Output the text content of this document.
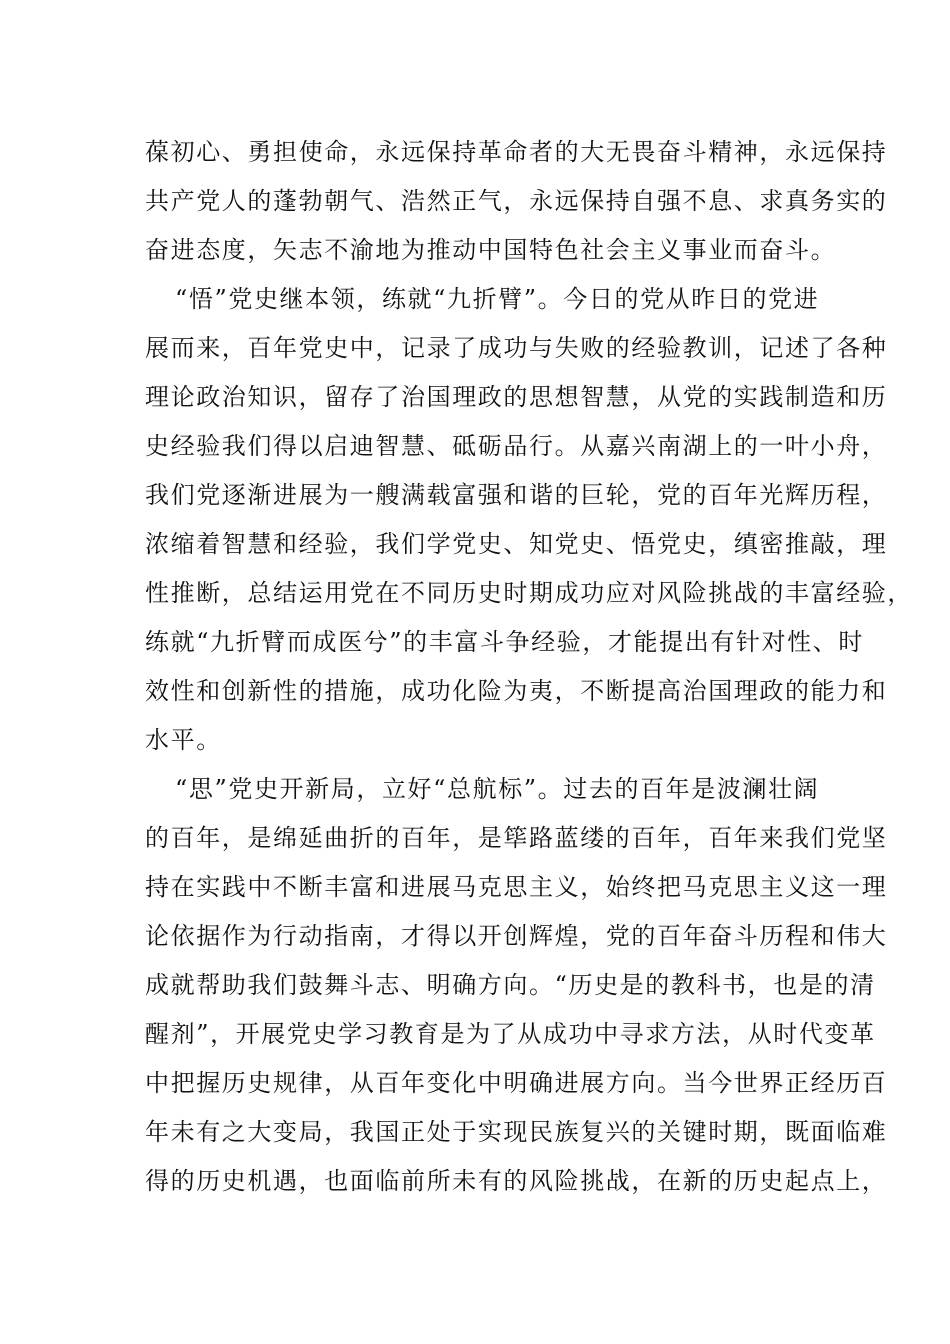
葆初心、勇担使命，永远保持革命者的大无畏奋斗精神，永远保持
共产党人的蓬勃朝气、浩然正气，永远保持自强不息、求真务实的
奋进态度，矢志不渝地为推动中国特色社会主义事业而奋斗。
“悟”党史继本领，练就“九折臂”。今日的党从昨日的党进
展而来，百年党史中，记录了成功与失败的经验教训，记述了各种
理论政治知识，留存了治国理政的思想智慧，从党的实践制造和历
史经验我们得以启迪智慧、砥砺品行。从嘉兴南湖上的一叶小舟，
我们党逐渐进展为一艘满载富强和谐的巨轮，党的百年光辉历程，
浓缩着智慧和经验，我们学党史、知党史、悟党史，缜密推敲，理
性推断，总结运用党在不同历史时期成功应对风险挑战的丰富经验，
练就“九折臂而成医兮”的丰富斗争经验，才能提出有针对性、时
效性和创新性的措施，成功化险为夷，不断提高治国理政的能力和
水平。
“思”党史开新局，立好“总航标”。过去的百年是波澜壮阔
的百年，是绵延曲折的百年，是筚路蓝缕的百年，百年来我们党坚
持在实践中不断丰富和进展马克思主义，始终把马克思主义这一理
论依据作为行动指南，才得以开创辉煌，党的百年奋斗历程和伟大
成就帮助我们鼓舞斗志、明确方向。“历史是的教科书，也是的清
醒剂”，开展党史学习教育是为了从成功中寻求方法，从时代变革
中把握历史规律，从百年变化中明确进展方向。当今世界正经历百
年未有之大变局，我国正处于实现民族复兴的关键时期，既面临难
得的历史机遇，也面临前所未有的风险挑战，在新的历史起点上，
